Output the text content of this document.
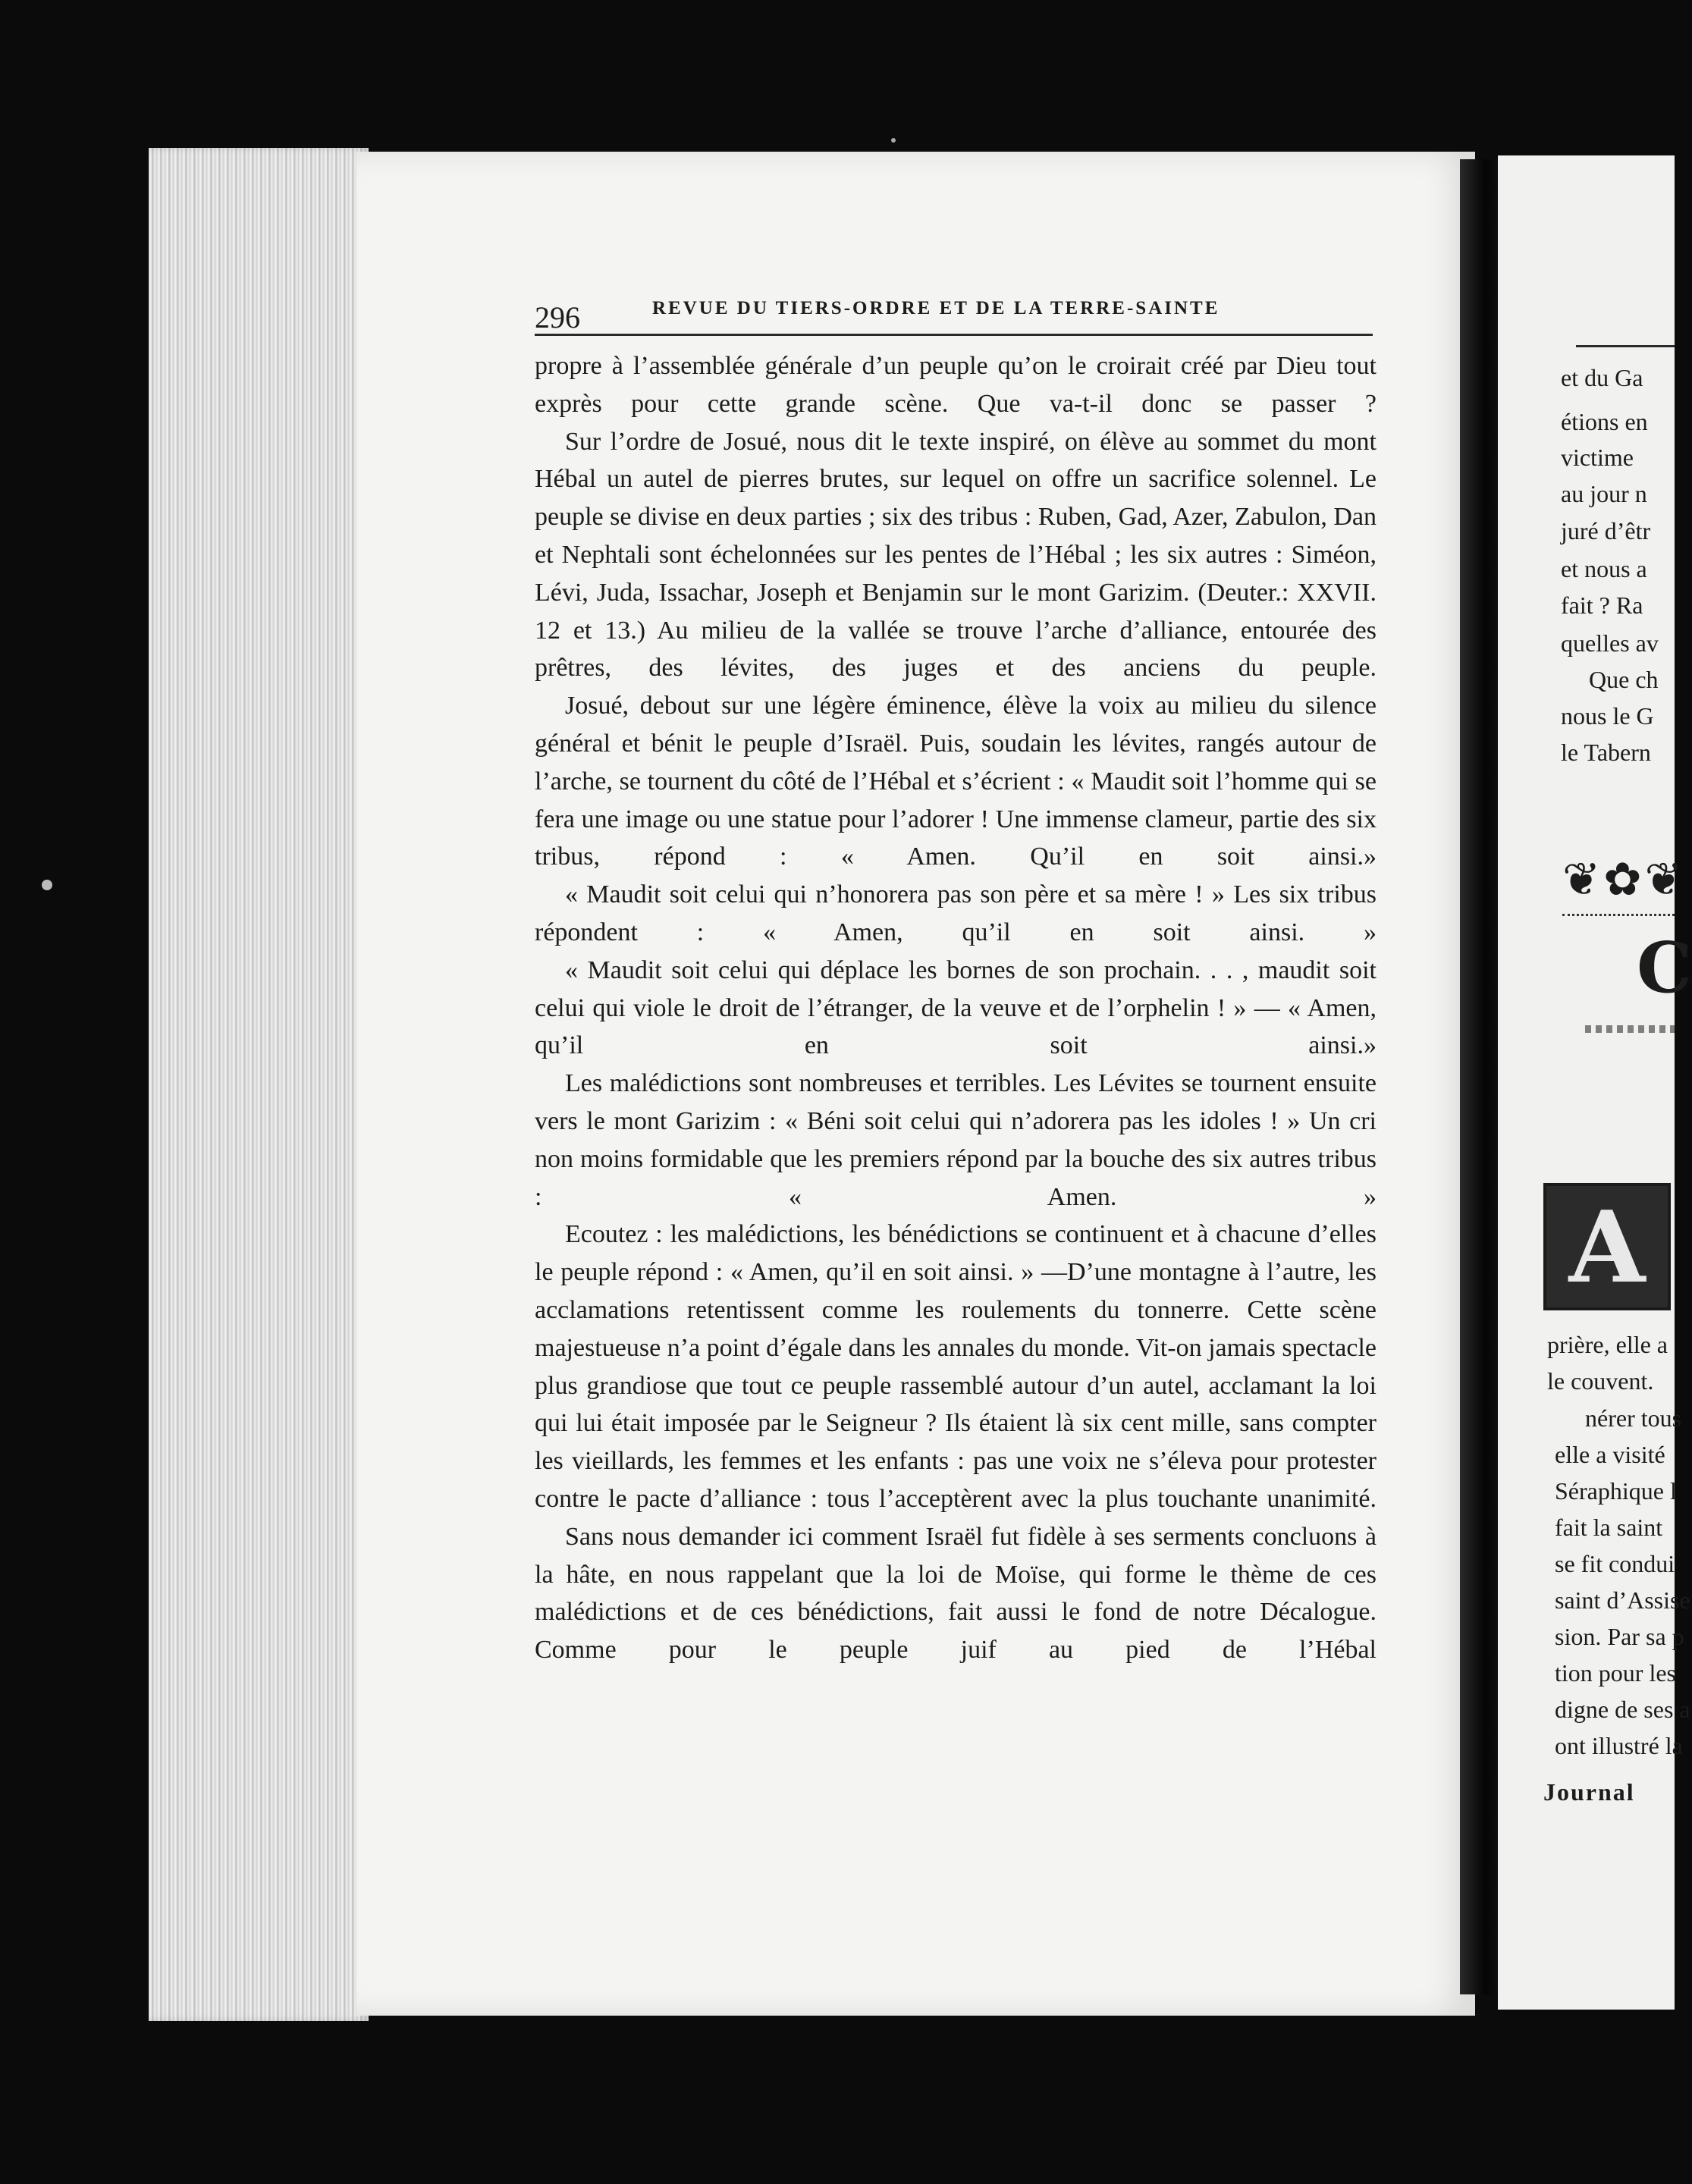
296	REVUE DU TIERS-ORDRE ET DE LA TERRE-SAINTE

propre à l’assemblée générale d’un peuple qu’on le croirait créé par Dieu tout exprès pour cette grande scène. Que va-t-il donc se passer ?

Sur l’ordre de Josué, nous dit le texte inspiré, on élève au sommet du mont Hébal un autel de pierres brutes, sur lequel on offre un sacrifice solennel. Le peuple se divise en deux parties ; six des tribus : Ruben, Gad, Azer, Zabulon, Dan et Nephtali sont échelonnées sur les pentes de l’Hébal ; les six autres : Siméon, Lévi, Juda, Issachar, Joseph et Benjamin sur le mont Garizim. (Deuter.: XXVII. 12 et 13.) Au milieu de la vallée se trouve l’arche d’alliance, entourée des prêtres, des lévites, des juges et des anciens du peuple.

Josué, debout sur une légère éminence, élève la voix au milieu du silence général et bénit le peuple d’Israël. Puis, soudain les lévites, rangés autour de l’arche, se tournent du côté de l’Hébal et s’écrient : « Maudit soit l’homme qui se fera une image ou une statue pour l’adorer ! Une immense clameur, partie des six tribus, répond : « Amen. Qu’il en soit ainsi.»

« Maudit soit celui qui n’honorera pas son père et sa mère ! » Les six tribus répondent : « Amen, qu’il en soit ainsi. »

« Maudit soit celui qui déplace les bornes de son prochain. . . , maudit soit celui qui viole le droit de l’étranger, de la veuve et de l’orphelin ! » — « Amen, qu’il en soit ainsi.»

Les malédictions sont nombreuses et terribles. Les Lévites se tournent ensuite vers le mont Garizim : « Béni soit celui qui n’adorera pas les idoles ! » Un cri non moins formidable que les premiers répond par la bouche des six autres tribus : « Amen. »

Ecoutez : les malédictions, les bénédictions se continuent et à chacune d’elles le peuple répond : « Amen, qu’il en soit ainsi. » —D’une montagne à l’autre, les acclamations retentissent comme les roulements du tonnerre. Cette scène majestueuse n’a point d’égale dans les annales du monde. Vit-on jamais spectacle plus grandiose que tout ce peuple rassemblé autour d’un autel, acclamant la loi qui lui était imposée par le Seigneur ? Ils étaient là six cent mille, sans compter les vieillards, les femmes et les enfants : pas une voix ne s’éleva pour protester contre le pacte d’alliance : tous l’acceptèrent avec la plus touchante unanimité.

Sans nous demander ici comment Israël fut fidèle à ses serments concluons à la hâte, en nous rappelant que la loi de Moïse, qui forme le thème de ces malédictions et de ces bénédictions, fait aussi le fond de notre Décalogue. Comme pour le peuple juif au pied de l’Hébal

et du Ga
étions en
victime
au jour n
juré d’êtr
et nous a
fait ? Ra
quelles av
Que ch
nous le G
le Tabern
❦✿❦
C
A
prière, elle a
le couvent.
nérer tous
elle a visité
Séraphique l
fait la saint
se fit condui
saint d’Assise
sion. Par sa p
tion pour les
digne de ses a
ont illustré la
Journal
